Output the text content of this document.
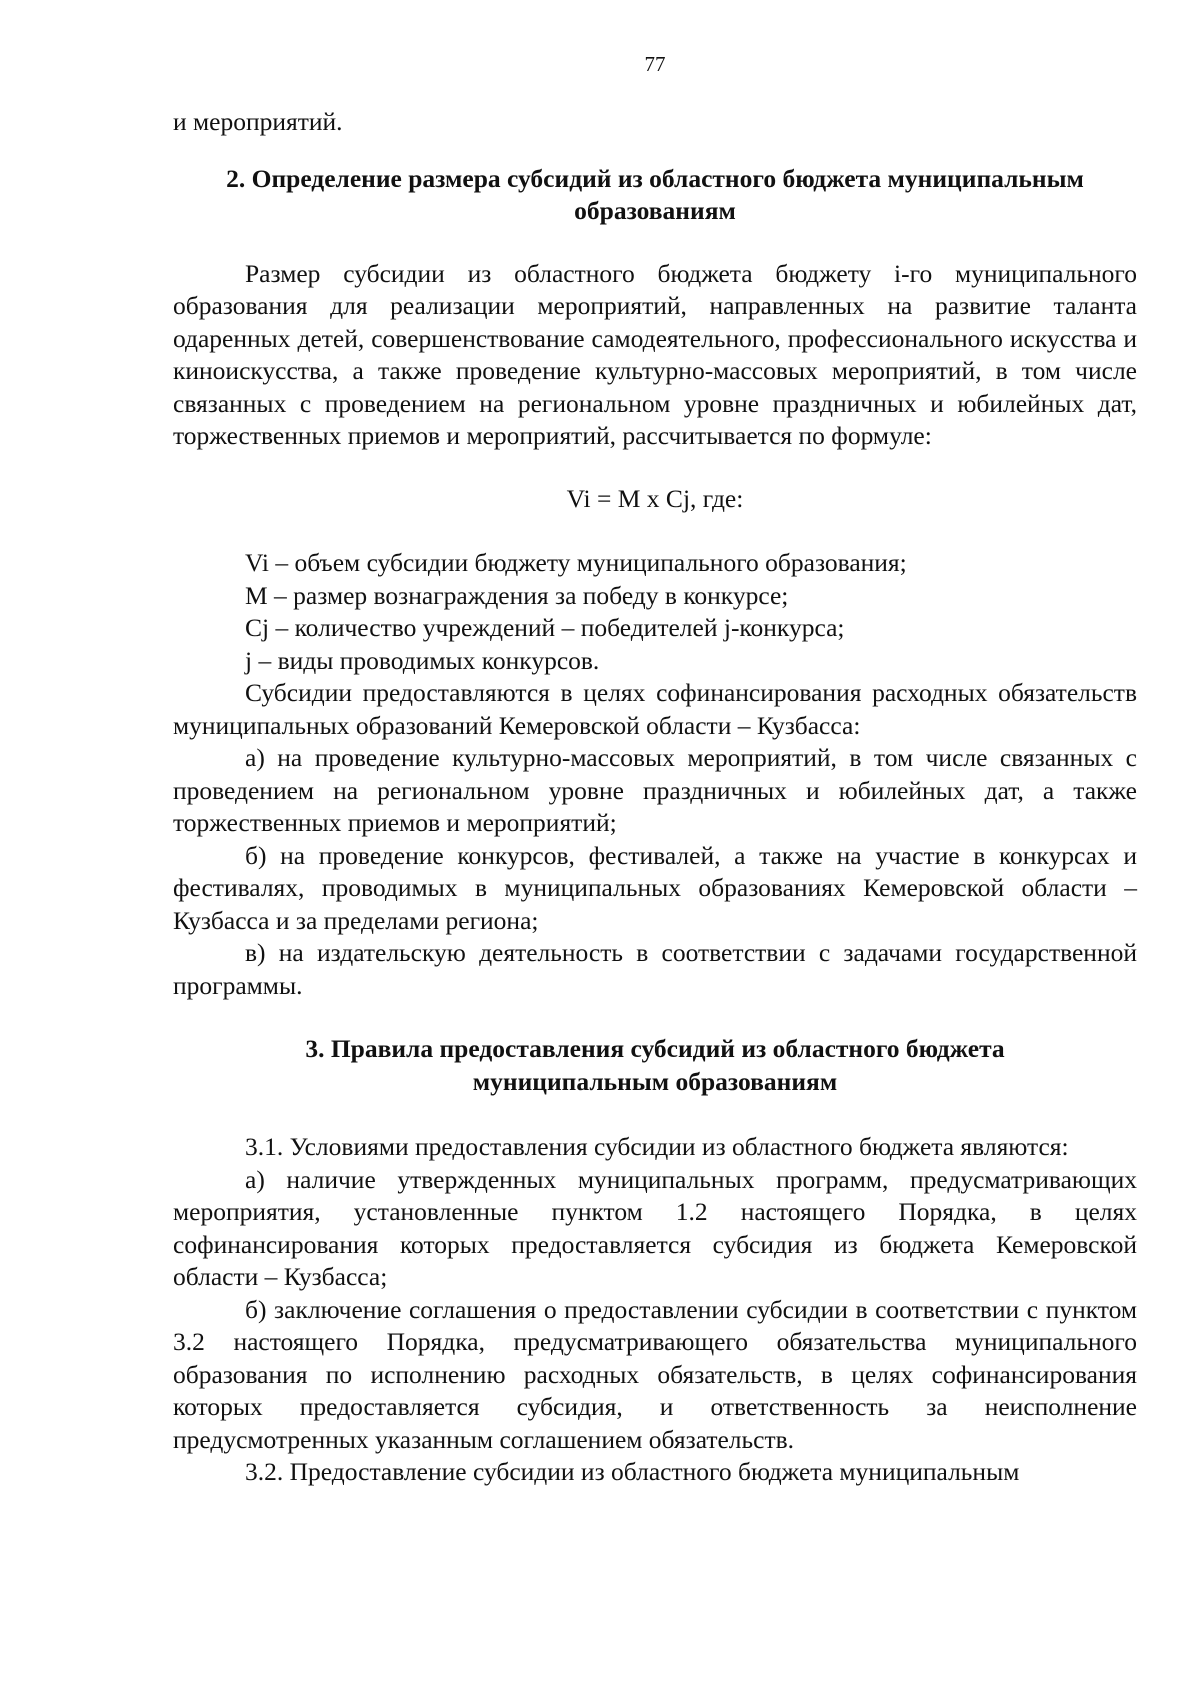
77

и мероприятий.

2. Определение размера субсидий из областного бюджета муниципальным
образованиям

Размер субсидии из областного бюджета бюджету i-го муниципального образования для реализации мероприятий, направленных на развитие таланта одаренных детей, совершенствование самодеятельного, профессионального искусства и киноискусства, а также проведение культурно-массовых мероприятий, в том числе связанных с проведением на региональном уровне праздничных и юбилейных дат, торжественных приемов и мероприятий, рассчитывается по формуле:

Vi = M x Cj, где:

Vi – объем субсидии бюджету муниципального образования;

M – размер вознаграждения за победу в конкурсе;

Cj – количество учреждений – победителей j-конкурса;

j – виды проводимых конкурсов.

Субсидии предоставляются в целях софинансирования расходных обязательств муниципальных образований Кемеровской области – Кузбасса:

а) на проведение культурно-массовых мероприятий, в том числе связанных с проведением на региональном уровне праздничных и юбилейных дат, а также торжественных приемов и мероприятий;

б) на проведение конкурсов, фестивалей, а также на участие в конкурсах и фестивалях, проводимых в муниципальных образованиях Кемеровской области – Кузбасса и за пределами региона;

в) на издательскую деятельность в соответствии с задачами государственной программы.

3. Правила предоставления субсидий из областного бюджета
муниципальным образованиям

3.1. Условиями предоставления субсидии из областного бюджета являются:

а) наличие утвержденных муниципальных программ, предусматривающих мероприятия, установленные пунктом 1.2 настоящего Порядка, в целях софинансирования которых предоставляется субсидия из бюджета Кемеровской области – Кузбасса;

б) заключение соглашения о предоставлении субсидии в соответствии с пунктом 3.2 настоящего Порядка, предусматривающего обязательства муниципального образования по исполнению расходных обязательств, в целях софинансирования которых предоставляется субсидия, и ответственность за неисполнение предусмотренных указанным соглашением обязательств.

3.2. Предоставление субсидии из областного бюджета муниципальным
